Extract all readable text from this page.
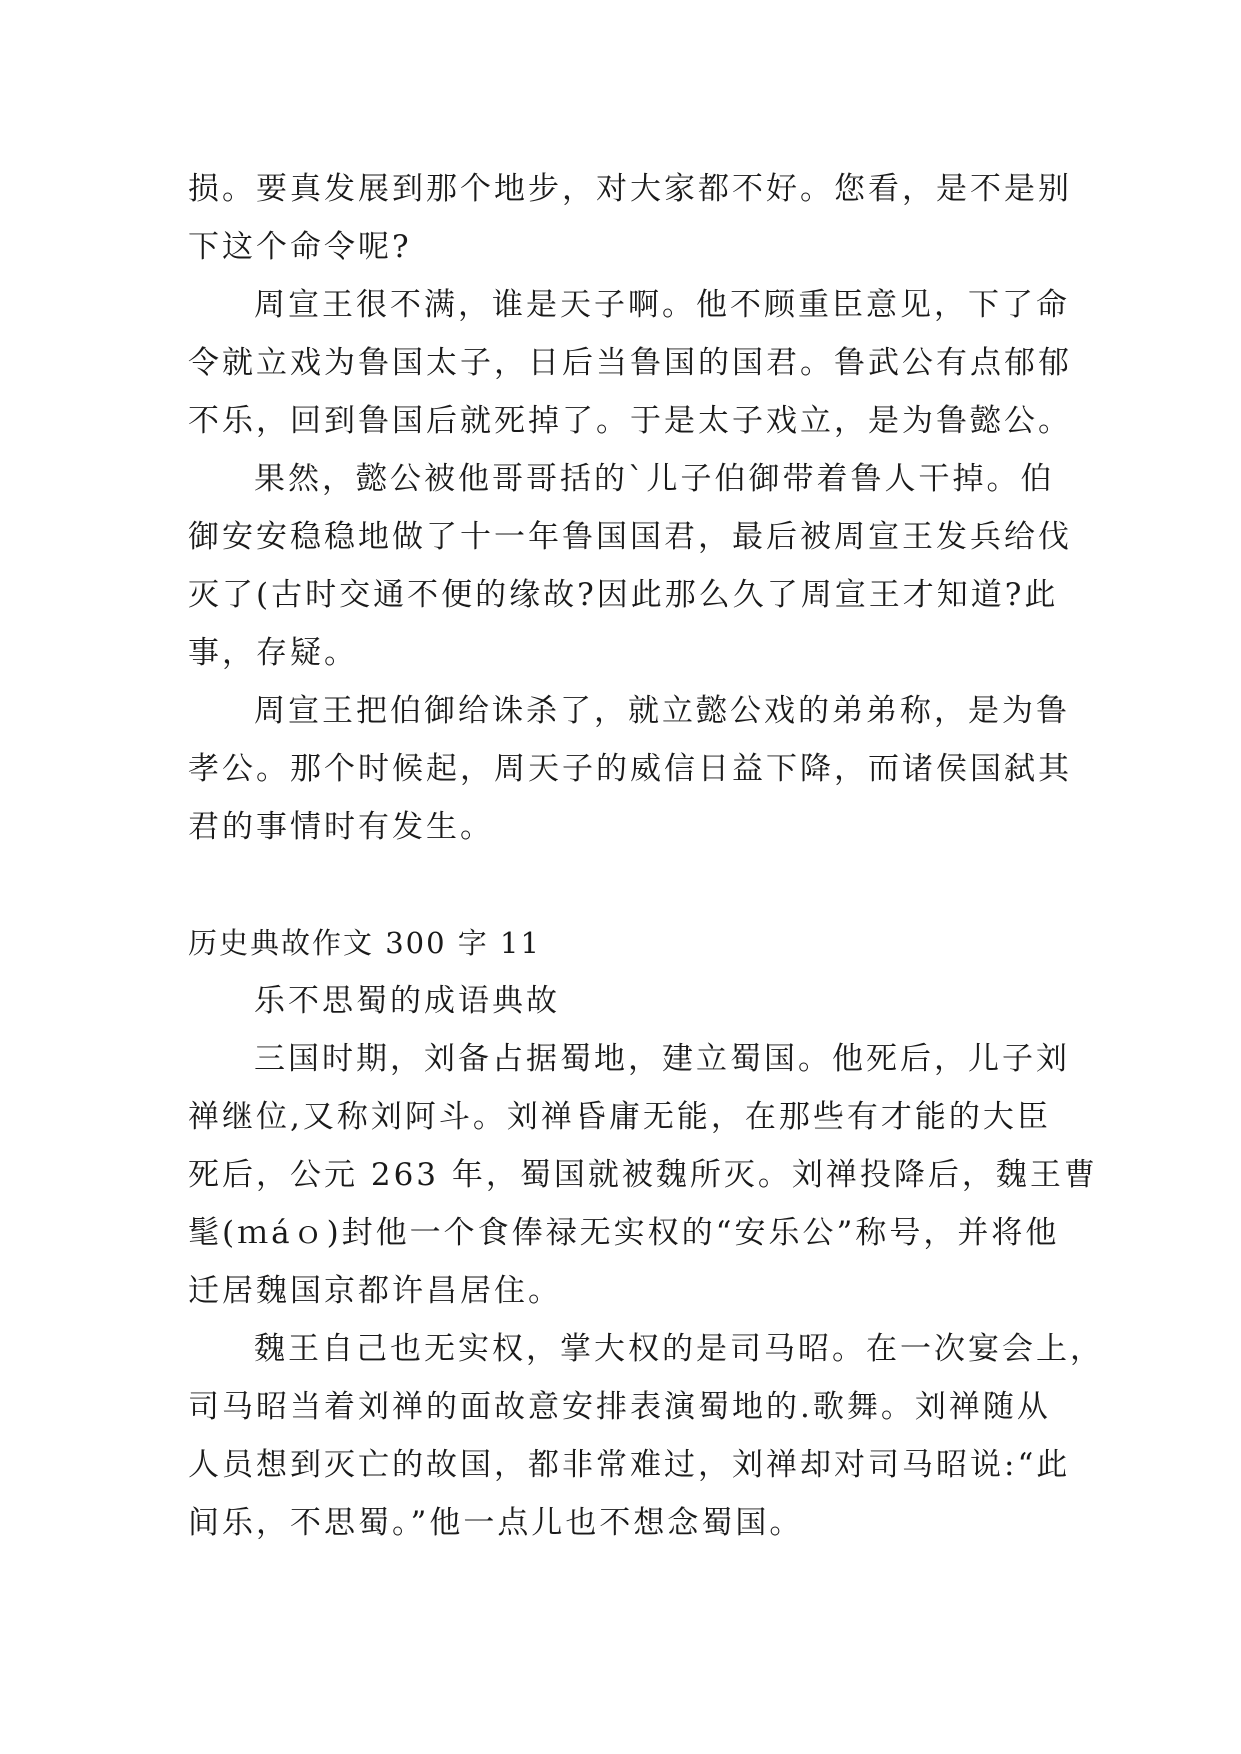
损。要真发展到那个地步，对大家都不好。您看，是不是别

下这个命令呢?

周宣王很不满，谁是天子啊。他不顾重臣意见，下了命

令就立戏为鲁国太子，日后当鲁国的国君。鲁武公有点郁郁

不乐，回到鲁国后就死掉了。于是太子戏立，是为鲁懿公。

果然，懿公被他哥哥括的`儿子伯御带着鲁人干掉。伯

御安安稳稳地做了十一年鲁国国君，最后被周宣王发兵给伐

灭了(古时交通不便的缘故?因此那么久了周宣王才知道?此

事，存疑。

周宣王把伯御给诛杀了，就立懿公戏的弟弟称，是为鲁

孝公。那个时候起，周天子的威信日益下降，而诸侯国弑其

君的事情时有发生。

历史典故作文 300 字 11

乐不思蜀的成语典故

三国时期，刘备占据蜀地，建立蜀国。他死后，儿子刘

禅继位,又称刘阿斗。刘禅昏庸无能，在那些有才能的大臣

死后，公元 263 年，蜀国就被魏所灭。刘禅投降后，魏王曹

髦(ｍáｏ)封他一个食俸禄无实权的“安乐公”称号，并将他

迁居魏国京都许昌居住。

魏王自己也无实权，掌大权的是司马昭。在一次宴会上，

司马昭当着刘禅的面故意安排表演蜀地的.歌舞。刘禅随从

人员想到灭亡的故国，都非常难过，刘禅却对司马昭说:“此

间乐，不思蜀。”他一点儿也不想念蜀国。
